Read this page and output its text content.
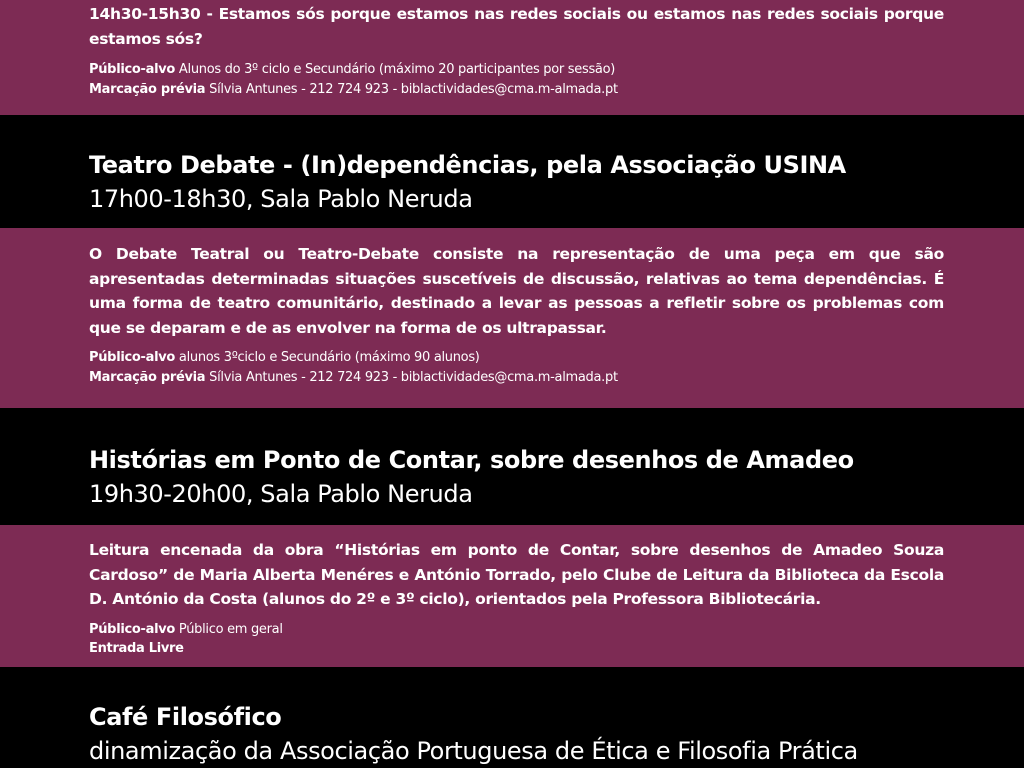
14h30-15h30 - Estamos sós porque estamos nas redes sociais ou estamos nas redes sociais porque estamos sós?

Público-alvo Alunos do 3º ciclo e Secundário (máximo 20 participantes por sessão)

Marcação prévia Sílvia Antunes - 212 724 923 - biblactividades@cma.m-almada.pt

Teatro Debate - (In)dependências, pela Associação USINA

17h00-18h30, Sala Pablo Neruda

O Debate Teatral ou Teatro-Debate consiste na representação de uma peça em que são apresentadas determinadas situações suscetíveis de discussão, relativas ao tema dependências. É uma forma de teatro comunitário, destinado a levar as pessoas a refletir sobre os problemas com que se deparam e de as envolver na forma de os ultrapassar.

Público-alvo alunos 3ºciclo e Secundário (máximo 90 alunos)

Marcação prévia Sílvia Antunes - 212 724 923 - biblactividades@cma.m-almada.pt

Histórias em Ponto de Contar, sobre desenhos de Amadeo

19h30-20h00, Sala Pablo Neruda

Leitura encenada da obra “Histórias em ponto de Contar, sobre desenhos de Amadeo Souza Cardoso” de Maria Alberta Menéres e António Torrado, pelo Clube de Leitura da Biblioteca da Escola D. António da Costa (alunos do 2º e 3º ciclo), orientados pela Professora Bibliotecária.

Público-alvo Público em geral

Entrada Livre

Café Filosófico

dinamização da Associação Portuguesa de Ética e Filosofia Prática
